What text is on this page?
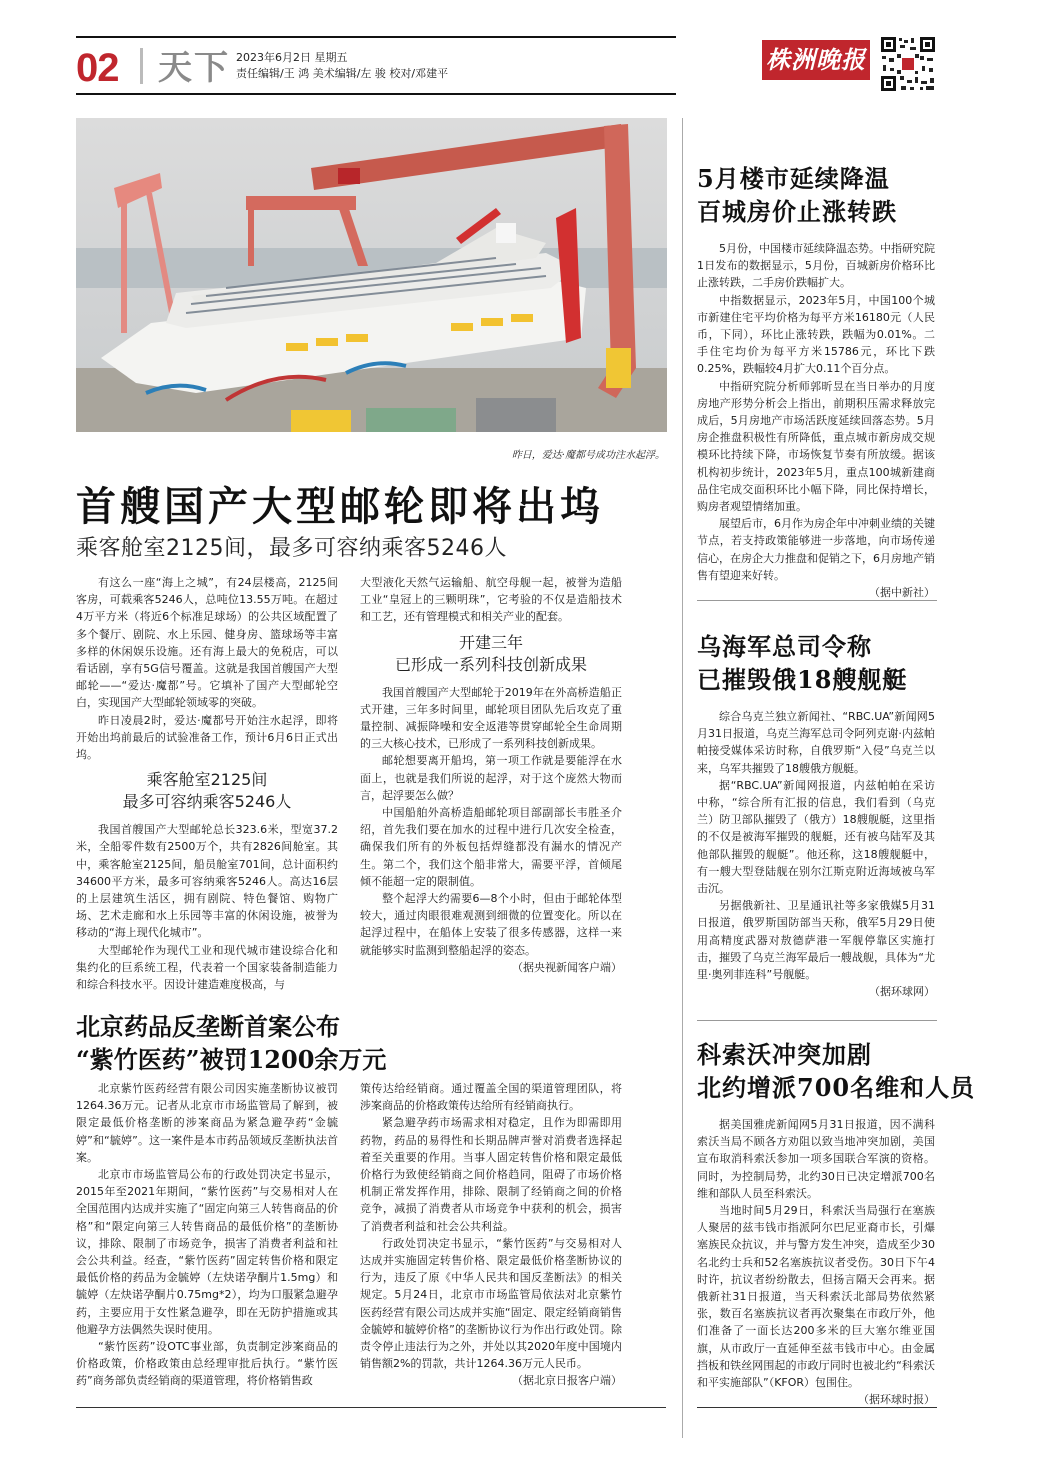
02 天下 2023年6月2日 星期五
责任编辑/王 鸿 美术编辑/左 骏 校对/邓建平	株洲晚报
昨日，爱达·魔都号成功注水起浮。
首艘国产大型邮轮即将出坞
乘客舱室2125间，最多可容纳乘客5246人

有这么一座“海上之城”，有24层楼高，2125间客房，可载乘客5246人，总吨位13.55万吨。在超过4万平方米（将近6个标准足球场）的公共区域配置了多个餐厅、剧院、水上乐园、健身房、篮球场等丰富多样的休闲娱乐设施。还有海上最大的免税店，可以看话剧，享有5G信号覆盖。这就是我国首艘国产大型邮轮——“爱达·魔都”号。它填补了国产大型邮轮空白，实现国产大型邮轮领域零的突破。

昨日凌晨2时，爱达·魔都号开始注水起浮，即将开始出坞前最后的试验准备工作，预计6月6日正式出坞。

乘客舱室2125间
最多可容纳乘客5246人

我国首艘国产大型邮轮总长323.6米，型宽37.2米，全船零件数有2500万个，共有2826间舱室。其中，乘客舱室2125间，船员舱室701间，总计面积约34600平方米，最多可容纳乘客5246人。高达16层的上层建筑生活区，拥有剧院、特色餐馆、购物广场、艺术走廊和水上乐园等丰富的休闲设施，被誉为移动的“海上现代化城市”。

大型邮轮作为现代工业和现代城市建设综合化和集约化的巨系统工程，代表着一个国家装备制造能力和综合科技水平。因设计建造难度极高，与

大型液化天然气运输船、航空母舰一起，被誉为造船工业“皇冠上的三颗明珠”，它考验的不仅是造船技术和工艺，还有管理模式和相关产业的配套。

开建三年
已形成一系列科技创新成果

我国首艘国产大型邮轮于2019年在外高桥造船正式开建，三年多时间里，邮轮项目团队先后攻克了重量控制、减振降噪和安全返港等贯穿邮轮全生命周期的三大核心技术，已形成了一系列科技创新成果。

邮轮想要离开船坞，第一项工作就是要能浮在水面上，也就是我们所说的起浮，对于这个庞然大物而言，起浮要怎么做？

中国船舶外高桥造船邮轮项目部副部长韦胜圣介绍，首先我们要在加水的过程中进行几次安全检查，确保我们所有的外板包括焊缝都没有漏水的情况产生。第二个，我们这个船非常大，需要平浮，首倾尾倾不能超一定的限制值。

整个起浮大约需要6—8个小时，但由于邮轮体型较大，通过肉眼很难观测到细微的位置变化。所以在起浮过程中，在船体上安装了很多传感器，这样一来就能够实时监测到整船起浮的姿态。

（据央视新闻客户端）

北京药品反垄断首案公布
“紫竹医药”被罚1200余万元

北京紫竹医药经营有限公司因实施垄断协议被罚1264.36万元。记者从北京市市场监管局了解到，被限定最低价格垄断的涉案商品为紧急避孕药“金毓婷”和“毓婷”。这一案件是本市药品领域反垄断执法首案。

北京市市场监管局公布的行政处罚决定书显示，2015年至2021年期间，“紫竹医药”与交易相对人在全国范围内达成并实施了“固定向第三人转售商品的价格”和“限定向第三人转售商品的最低价格”的垄断协议，排除、限制了市场竞争，损害了消费者利益和社会公共利益。经查，“紫竹医药”固定转售价格和限定最低价格的药品为金毓婷（左炔诺孕酮片1.5mg）和毓婷（左炔诺孕酮片0.75mg*2），均为口服紧急避孕药，主要应用于女性紧急避孕，即在无防护措施或其他避孕方法偶然失误时使用。

“紫竹医药”设OTC事业部，负责制定涉案商品的价格政策，价格政策由总经理审批后执行。“紫竹医药”商务部负责经销商的渠道管理，将价格销售政

策传达给经销商。通过覆盖全国的渠道管理团队，将涉案商品的价格政策传达给所有经销商执行。

紧急避孕药市场需求相对稳定，且作为即需即用药物，药品的易得性和长期品牌声誉对消费者选择起着至关重要的作用。当事人固定转售价格和限定最低价格行为致使经销商之间价格趋同，阻碍了市场价格机制正常发挥作用，排除、限制了经销商之间的价格竞争，减损了消费者从市场竞争中获利的机会，损害了消费者利益和社会公共利益。

行政处罚决定书显示，“紫竹医药”与交易相对人达成并实施固定转售价格、限定最低价格垄断协议的行为，违反了原《中华人民共和国反垄断法》的相关规定。5月24日，北京市市场监管局依法对北京紫竹医药经营有限公司达成并实施“固定、限定经销商销售金毓婷和毓婷价格”的垄断协议行为作出行政处罚。除责令停止违法行为之外，并处以其2020年度中国境内销售额2%的罚款，共计1264.36万元人民币。

（据北京日报客户端）

5月楼市延续降温
百城房价止涨转跌

5月份，中国楼市延续降温态势。中指研究院1日发布的数据显示，5月份，百城新房价格环比止涨转跌，二手房价跌幅扩大。

中指数据显示，2023年5月，中国100个城市新建住宅平均价格为每平方米16180元（人民币，下同），环比止涨转跌，跌幅为0.01%。二手住宅均价为每平方米15786元，环比下跌0.25%，跌幅较4月扩大0.11个百分点。

中指研究院分析师郭昕昱在当日举办的月度房地产形势分析会上指出，前期积压需求释放完成后，5月房地产市场活跃度延续回落态势。5月房企推盘积极性有所降低，重点城市新房成交规模环比持续下降，市场恢复节奏有所放缓。据该机构初步统计，2023年5月，重点100城新建商品住宅成交面积环比小幅下降，同比保持增长，购房者观望情绪加重。

展望后市，6月作为房企年中冲刺业绩的关键节点，若支持政策能够进一步落地，向市场传递信心，在房企大力推盘和促销之下，6月房地产销售有望迎来好转。

（据中新社）

乌海军总司令称
已摧毁俄18艘舰艇

综合乌克兰独立新闻社、“RBC.UA”新闻网5月31日报道，乌克兰海军总司令阿列克谢·内兹帕帕接受媒体采访时称，自俄罗斯“入侵”乌克兰以来，乌军共摧毁了18艘俄方舰艇。

据“RBC.UA”新闻网报道，内兹帕帕在采访中称，“综合所有汇报的信息，我们看到（乌克兰）防卫部队摧毁了（俄方）18艘舰艇，这里指的不仅是被海军摧毁的舰艇，还有被乌陆军及其他部队摧毁的舰艇”。他还称，这18艘舰艇中，有一艘大型登陆舰在别尔江斯克附近海域被乌军击沉。

另据俄新社、卫星通讯社等多家俄媒5月31日报道，俄罗斯国防部当天称，俄军5月29日使用高精度武器对敖德萨港一军舰停靠区实施打击，摧毁了乌克兰海军最后一艘战舰，具体为“尤里·奥列菲连科”号舰艇。

（据环球网）

科索沃冲突加剧
北约增派700名维和人员

据美国雅虎新闻网5月31日报道，因不满科索沃当局不顾各方劝阻以致当地冲突加剧，美国宣布取消科索沃参加一项多国联合军演的资格。同时，为控制局势，北约30日已决定增派700名维和部队人员至科索沃。

当地时间5月29日，科索沃当局强行在塞族人聚居的兹韦钱市指派阿尔巴尼亚裔市长，引爆塞族民众抗议，并与警方发生冲突，造成至少30名北约士兵和52名塞族抗议者受伤。30日下午4时许，抗议者纷纷散去，但扬言隔天会再来。据俄新社31日报道，当天科索沃北部局势依然紧张，数百名塞族抗议者再次聚集在市政厅外，他们准备了一面长达200多米的巨大塞尔维亚国旗，从市政厅一直延伸至兹韦钱市中心。由金属挡板和铁丝网围起的市政厅同时也被北约“科索沃和平实施部队”（KFOR）包围住。

（据环球时报）
